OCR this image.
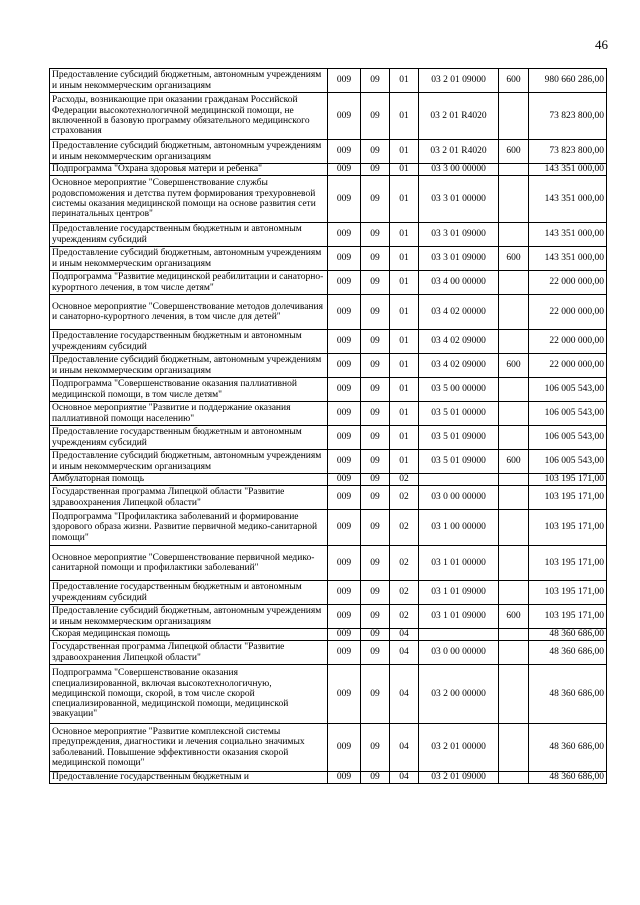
46
Предоставление субсидий бюджетным, автономным учреждениям и иным некоммерческим организациям	009	09	01	03 2 01 09000	600	980 660 286,00
Расходы, возникающие при оказании гражданам Российской Федерации высокотехнологичной медицинской помощи, не включенной в базовую программу обязательного медицинского страхования	009	09	01	03 2 01 R4020		73 823 800,00
Предоставление субсидий бюджетным, автономным учреждениям и иным некоммерческим организациям	009	09	01	03 2 01 R4020	600	73 823 800,00
Подпрограмма "Охрана здоровья матери и ребенка"	009	09	01	03 3 00 00000		143 351 000,00
Основное мероприятие "Совершенствование службы родовспоможения и детства путем формирования трехуровневой системы оказания медицинской помощи на основе развития сети перинатальных центров"	009	09	01	03 3 01 00000		143 351 000,00
Предоставление государственным бюджетным и автономным учреждениям субсидий	009	09	01	03 3 01 09000		143 351 000,00
Предоставление субсидий бюджетным, автономным учреждениям и иным некоммерческим организациям	009	09	01	03 3 01 09000	600	143 351 000,00
Подпрограмма "Развитие медицинской реабилитации и санаторно-курортного лечения, в том числе детям"	009	09	01	03 4 00 00000		22 000 000,00
Основное мероприятие "Совершенствование методов долечивания и санаторно-курортного лечения, в том числе для детей"	009	09	01	03 4 02 00000		22 000 000,00
Предоставление государственным бюджетным и автономным учреждениям субсидий	009	09	01	03 4 02 09000		22 000 000,00
Предоставление субсидий бюджетным, автономным учреждениям и иным некоммерческим организациям	009	09	01	03 4 02 09000	600	22 000 000,00
Подпрограмма "Совершенствование оказания паллиативной медицинской помощи, в том числе детям"	009	09	01	03 5 00 00000		106 005 543,00
Основное мероприятие "Развитие и поддержание оказания паллиативной помощи населению"	009	09	01	03 5 01 00000		106 005 543,00
Предоставление государственным бюджетным и автономным учреждениям субсидий	009	09	01	03 5 01 09000		106 005 543,00
Предоставление субсидий бюджетным, автономным учреждениям и иным некоммерческим организациям	009	09	01	03 5 01 09000	600	106 005 543,00
Амбулаторная помощь	009	09	02			103 195 171,00
Государственная программа Липецкой области "Развитие здравоохранения Липецкой области"	009	09	02	03 0 00 00000		103 195 171,00
Подпрограмма "Профилактика заболеваний и формирование здорового образа жизни. Развитие первичной медико-санитарной помощи"	009	09	02	03 1 00 00000		103 195 171,00
Основное мероприятие "Совершенствование первичной медико-санитарной помощи и профилактики заболеваний"	009	09	02	03 1 01 00000		103 195 171,00
Предоставление государственным бюджетным и автономным учреждениям субсидий	009	09	02	03 1 01 09000		103 195 171,00
Предоставление субсидий бюджетным, автономным учреждениям и иным некоммерческим организациям	009	09	02	03 1 01 09000	600	103 195 171,00
Скорая медицинская помощь	009	09	04			48 360 686,00
Государственная программа Липецкой области "Развитие здравоохранения Липецкой области"	009	09	04	03 0 00 00000		48 360 686,00
Подпрограмма "Совершенствование оказания специализированной, включая высокотехнологичную, медицинской помощи, скорой, в том числе скорой специализированной, медицинской помощи, медицинской эвакуации"	009	09	04	03 2 00 00000		48 360 686,00
Основное мероприятие "Развитие комплексной системы предупреждения, диагностики и лечения социально значимых заболеваний. Повышение эффективности оказания скорой медицинской помощи"	009	09	04	03 2 01 00000		48 360 686,00
Предоставление государственным бюджетным и	009	09	04	03 2 01 09000		48 360 686,00
